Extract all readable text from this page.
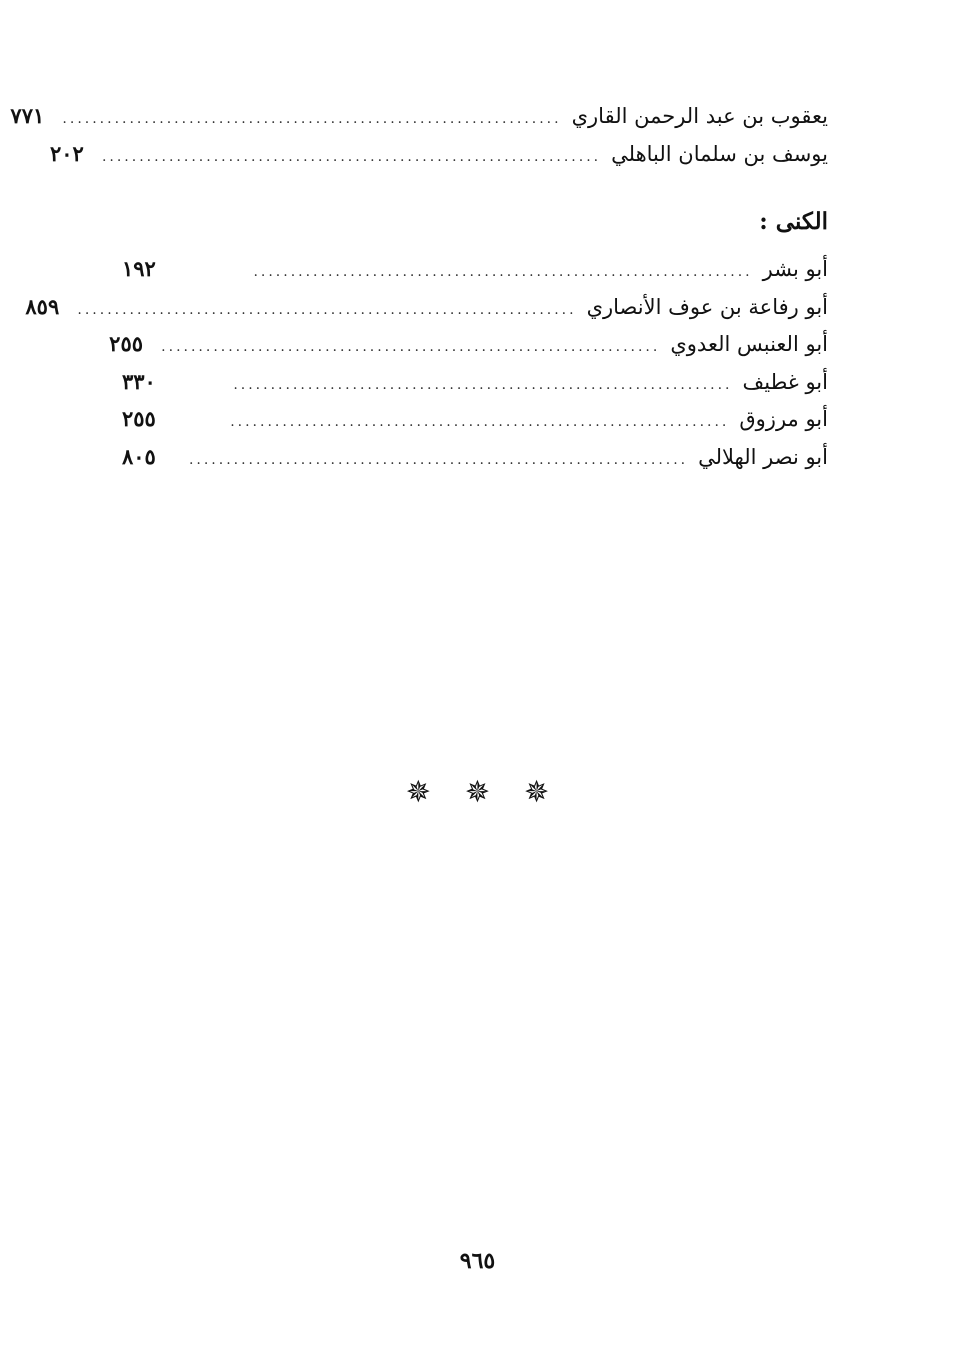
يعقوب بن عبد الرحمن القاري
...................................................................
٧٧١
يوسف بن سلمان الباهلي
...................................................................
٢٠٢
الكنى :
أبو بشر
...................................................................
١٩٢
أبو رفاعة بن عوف الأنصاري
...................................................................
٨٥٩
أبو العنبس العدوي
...................................................................
٢٥٥
أبو غطيف
...................................................................
٣٣٠
أبو مرزوق
...................................................................
٢٥٥
أبو نصر الهلالي
...................................................................
٨٠٥
✵✵✵
٩٦٥
